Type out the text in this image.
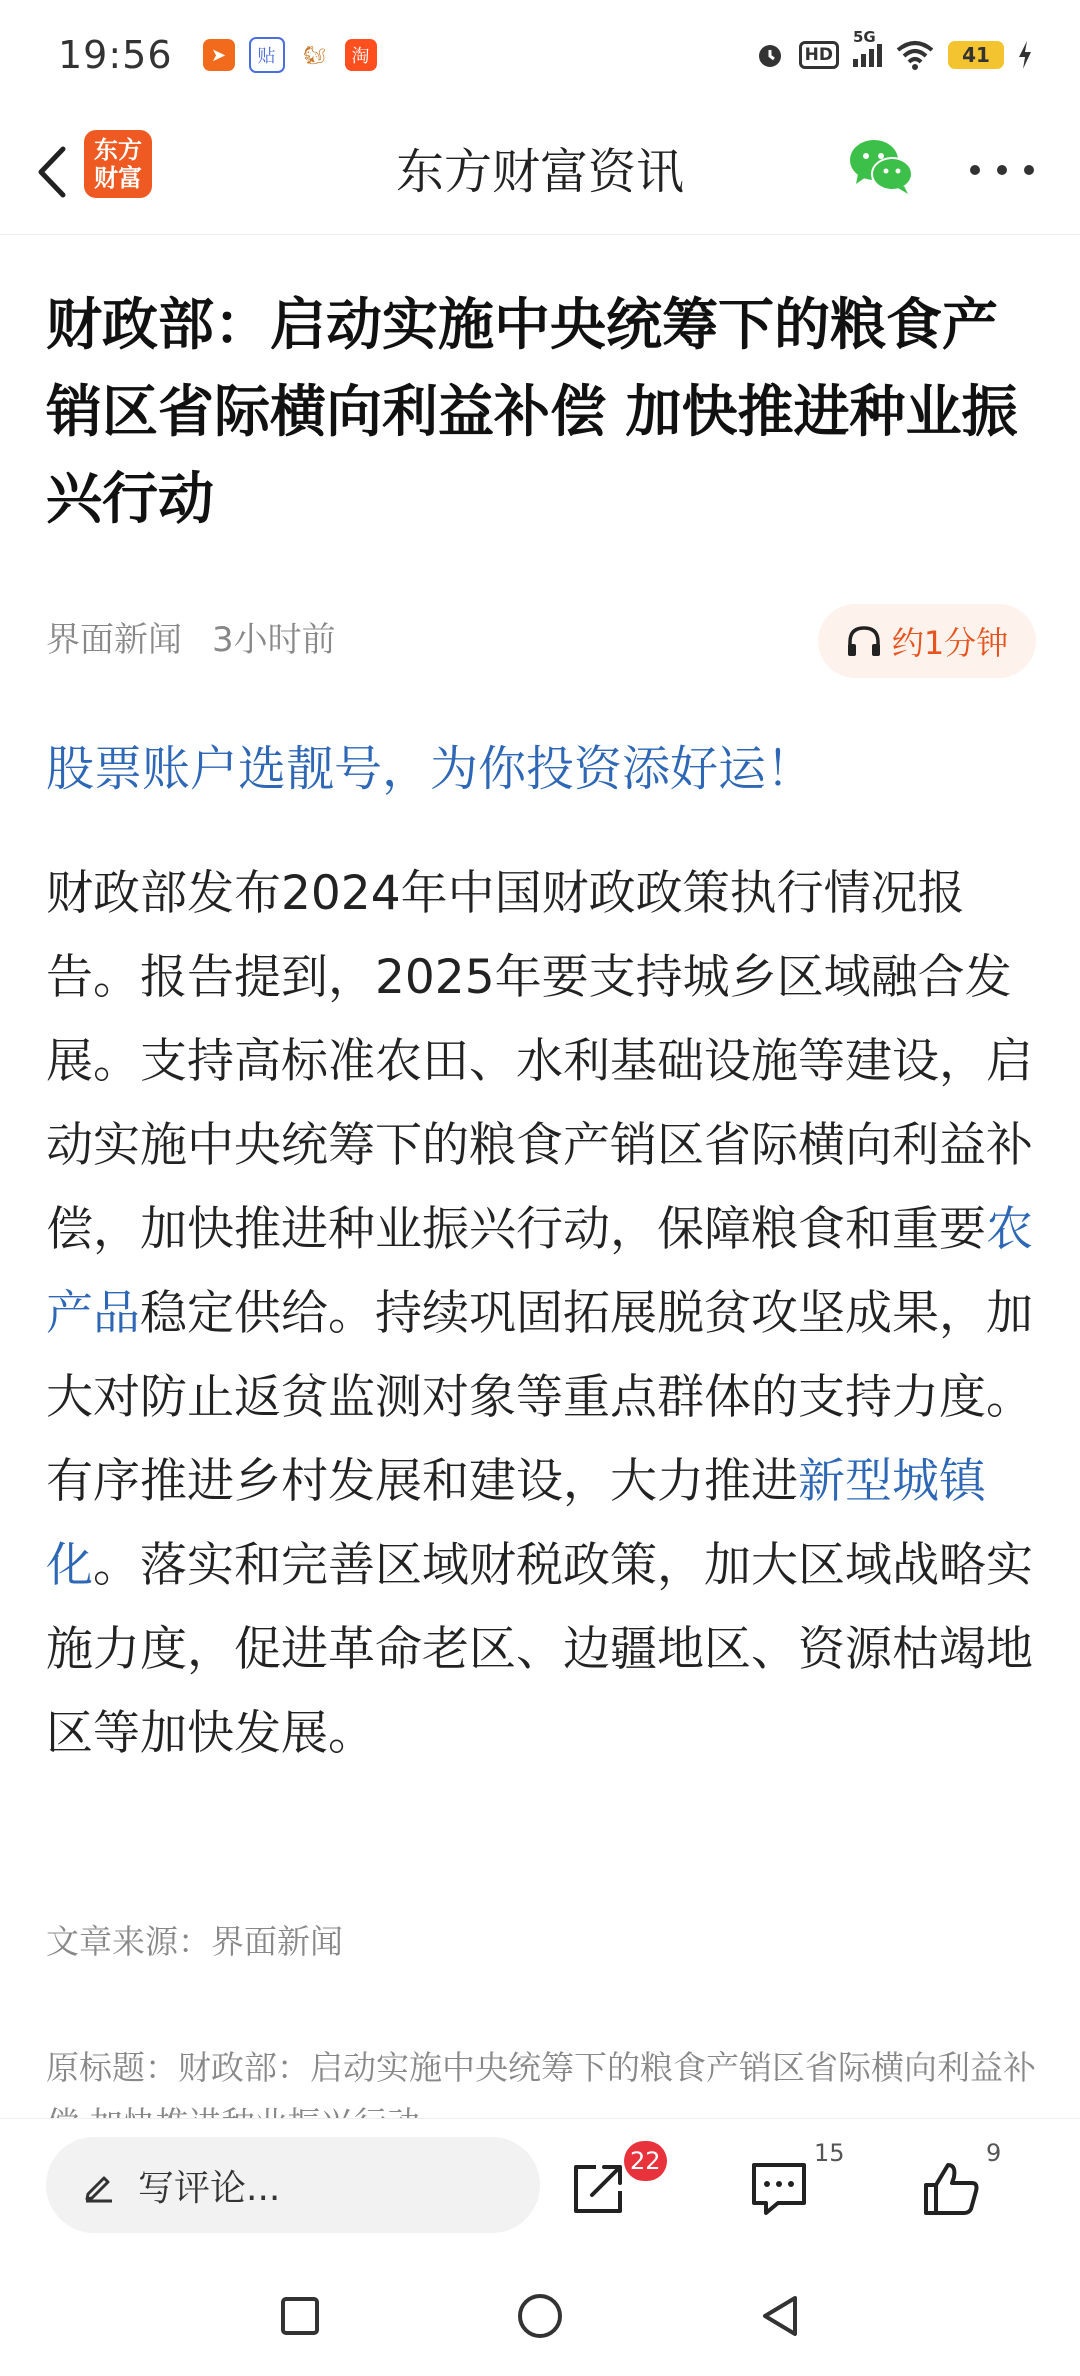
19:56	➤	贴	🐿	淘	HD
5G
41
东方财富资讯
东方财富
财政部：启动实施中央统筹下的粮食产销区省际横向利益补偿 加快推进种业振兴行动
界面新闻 3小时前	约1分钟
股票账户选靓号，为你投资添好运！

财政部发布2024年中国财政政策执行情况报告。报告提到，2025年要支持城乡区域融合发展。支持高标准农田、水利基础设施等建设，启动实施中央统筹下的粮食产销区省际横向利益补偿，加快推进种业振兴行动，保障粮食和重要农产品稳定供给。持续巩固拓展脱贫攻坚成果，加大对防止返贫监测对象等重点群体的支持力度。有序推进乡村发展和建设，大力推进新型城镇化。落实和完善区域财税政策，加大区域战略实施力度，促进革命老区、边疆地区、资源枯竭地区等加快发展。

文章来源：界面新闻
原标题：财政部：启动实施中央统筹下的粮食产销区省际横向利益补
写评论...
22	15	9
